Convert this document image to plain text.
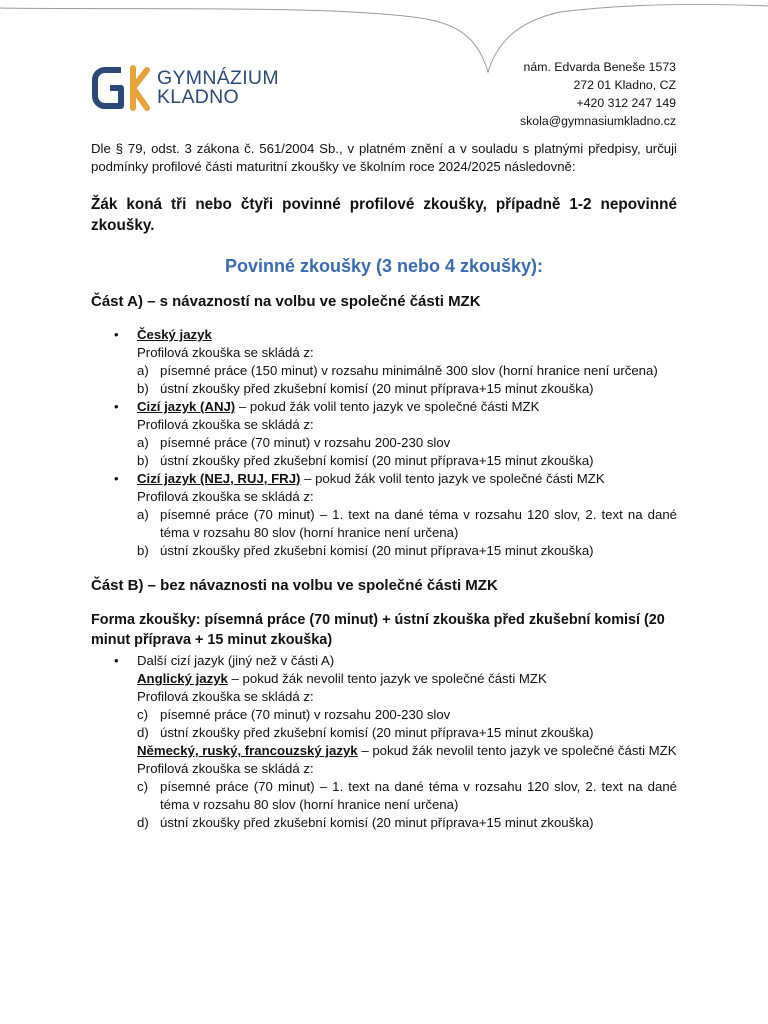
GYMNÁZIUM
KLADNO
nám. Edvarda Beneše 1573
272 01 Kladno, CZ
+420 312 247 149
skola@gymnasiumkladno.cz

Dle § 79, odst. 3 zákona č. 561/2004 Sb., v platném znění a v souladu s platnými předpisy, určuji podmínky profilové části maturitní zkoušky ve školním roce 2024/2025 následovně:

Žák koná tři nebo čtyři povinné profilové zkoušky, případně 1-2 nepovinné zkoušky.

Povinné zkoušky (3 nebo 4 zkoušky):
Část A) – s návazností na volbu ve společné části MZK
• Český jazyk
Profilová zkouška se skládá z:
a) písemné práce (150 minut) v rozsahu minimálně 300 slov (horní hranice není určena)
b) ústní zkoušky před zkušební komisí (20 minut příprava+15 minut zkouška)
• Cizí jazyk (ANJ) – pokud žák volil tento jazyk ve společné části MZK
Profilová zkouška se skládá z:
a) písemné práce (70 minut) v rozsahu 200-230 slov
b) ústní zkoušky před zkušební komisí (20 minut příprava+15 minut zkouška)
• Cizí jazyk (NEJ, RUJ, FRJ) – pokud žák volil tento jazyk ve společné části MZK
Profilová zkouška se skládá z:
a) písemné práce (70 minut) – 1. text na dané téma v rozsahu 120 slov, 2. text na dané téma v rozsahu 80 slov (horní hranice není určena)
b) ústní zkoušky před zkušební komisí (20 minut příprava+15 minut zkouška)
Část B) – bez návaznosti na volbu ve společné části MZK

Forma zkoušky: písemná práce (70 minut) + ústní zkouška před zkušební komisí (20 minut příprava + 15 minut zkouška)

• Další cizí jazyk (jiný než v části A)
Anglický jazyk – pokud žák nevolil tento jazyk ve společné části MZK
Profilová zkouška se skládá z:
c) písemné práce (70 minut) v rozsahu 200-230 slov
d) ústní zkoušky před zkušební komisí (20 minut příprava+15 minut zkouška)
Německý, ruský, francouzský jazyk – pokud žák nevolil tento jazyk ve společné části MZK
Profilová zkouška se skládá z:
c) písemné práce (70 minut) – 1. text na dané téma v rozsahu 120 slov, 2. text na dané téma v rozsahu 80 slov (horní hranice není určena)
d) ústní zkoušky před zkušební komisí (20 minut příprava+15 minut zkouška)
